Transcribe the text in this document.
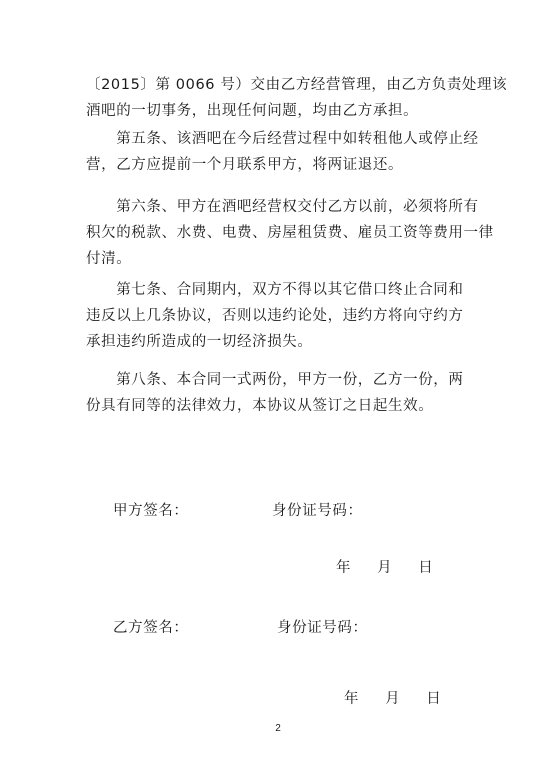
〔2015〕第 0066 号）交由乙方经营管理，由乙方负责处理该
酒吧的一切事务，出现任何问题，均由乙方承担。

　　第五条、该酒吧在今后经营过程中如转租他人或停止经
营，乙方应提前一个月联系甲方，将两证退还。

　　第六条、甲方在酒吧经营权交付乙方以前，必须将所有
积欠的税款、水费、电费、房屋租赁费、雇员工资等费用一律
付清。

　　第七条、合同期内，双方不得以其它借口终止合同和
违反以上几条协议，否则以违约论处，违约方将向守约方
承担违约所造成的一切经济损失。

　　第八条、本合同一式两份，甲方一份，乙方一份，两
份具有同等的法律效力，本协议从签订之日起生效。

甲方签名：	身份证号码：
年 月 日
乙方签名：	身份证号码：
年 月 日
2
